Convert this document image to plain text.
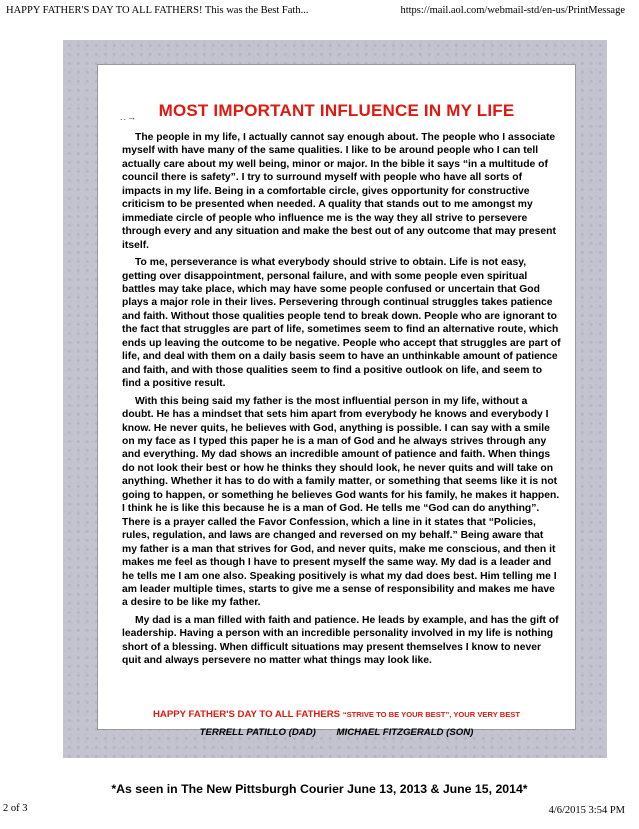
HAPPY FATHER'S DAY TO ALL FATHERS! This was the Best Fath...	https://mail.aol.com/webmail-std/en-us/PrintMessage
..→	MOST IMPORTANT INFLUENCE IN MY LIFE

The people in my life, I actually cannot say enough about. The people who I associate myself with have many of the same qualities. I like to be around people who I can tell actually care about my well being, minor or major. In the bible it says “in a multitude of council there is safety”. I try to surround myself with people who have all sorts of impacts in my life. Being in a comfortable circle, gives opportunity for constructive criticism to be presented when needed. A quality that stands out to me amongst my immediate circle of people who influence me is the way they all strive to persevere through every and any situation and make the best out of any outcome that may present itself.

To me, perseverance is what everybody should strive to obtain. Life is not easy, getting over disappointment, personal failure, and with some people even spiritual battles may take place, which may have some people confused or uncertain that God plays a major role in their lives. Persevering through continual struggles takes patience and faith. Without those qualities people tend to break down. People who are ignorant to the fact that struggles are part of life, sometimes seem to find an alternative route, which ends up leaving the outcome to be negative. People who accept that struggles are part of life, and deal with them on a daily basis seem to have an unthinkable amount of patience and faith, and with those qualities seem to find a positive outlook on life, and seem to find a positive result.

With this being said my father is the most influential person in my life, without a doubt. He has a mindset that sets him apart from everybody he knows and everybody I know. He never quits, he believes with God, anything is possible. I can say with a smile on my face as I typed this paper he is a man of God and he always strives through any and everything. My dad shows an incredible amount of patience and faith. When things do not look their best or how he thinks they should look, he never quits and will take on anything. Whether it has to do with a family matter, or something that seems like it is not going to happen, or something he believes God wants for his family, he makes it happen. I think he is like this because he is a man of God. He tells me “God can do anything”. There is a prayer called the Favor Confession, which a line in it states that “Policies, rules, regulation, and laws are changed and reversed on my behalf.” Being aware that my father is a man that strives for God, and never quits, make me conscious, and then it makes me feel as though I have to present myself the same way. My dad is a leader and he tells me I am one also. Speaking positively is what my dad does best. Him telling me I am leader multiple times, starts to give me a sense of responsibility and makes me have a desire to be like my father.

My dad is a man filled with faith and patience. He leads by example, and has the gift of leadership. Having a person with an incredible personality involved in my life is nothing short of a blessing. When difficult situations may present themselves I know to never quit and always persevere no matter what things may look like.

HAPPY FATHER'S DAY TO ALL FATHERS “STRIVE TO BE YOUR BEST”, YOUR VERY BEST
TERRELL PATILLO (DAD) MICHAEL FITZGERALD (SON)
*As seen in The New Pittsburgh Courier June 13, 2013 & June 15, 2014*
2 of 3	4/6/2015 3:54 PM
